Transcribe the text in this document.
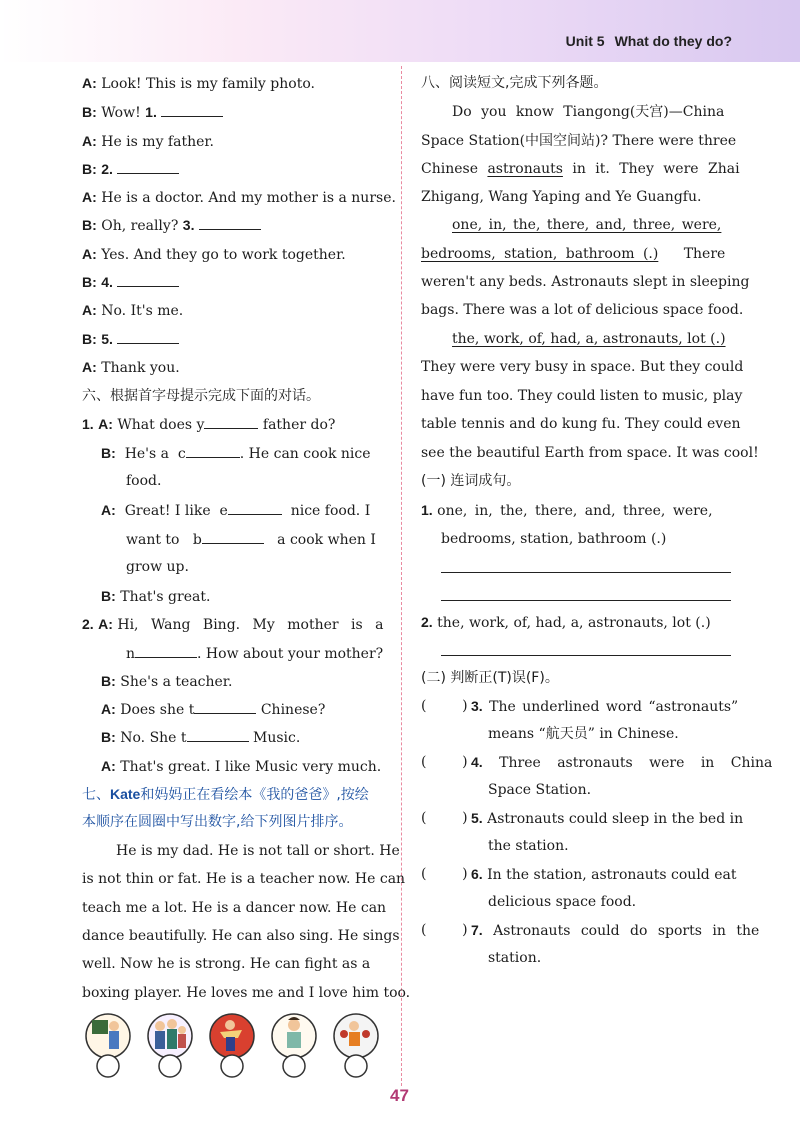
Unit 5 What do they do?
A: Look! This is my family photo.
B: Wow! 1.
A: He is my father.
B: 2.
A: He is a doctor. And my mother is a nurse.
B: Oh, really? 3.
A: Yes. And they go to work together.
B: 4.
A: No. It's me.
B: 5.
A: Thank you.
六、根据首字母提示完成下面的对话。
1. A: What does y	father do?
B: He's a c	. He can cook nice
food.
A: Great! I like e	nice food. I
want to b	a cook when I
grow up.
B: That's great.
2. A: Hi, Wang Bing. My mother is a
n	. How about your mother?
B: She's a teacher.
A: Does she t	Chinese?
B: No. She t	Music.
A: That's great. I like Music very much.
七、Kate和妈妈正在看绘本《我的爸爸》,按绘
本顺序在圆圈中写出数字,给下列图片排序。
He is my dad. He is not tall or short. He
is not thin or fat. He is a teacher now. He can
teach me a lot. He is a dancer now. He can
dance beautifully. He can also sing. He sings
well. Now he is strong. He can fight as a
boxing player. He loves me and I love him too.
八、阅读短文,完成下列各题。
Do you know Tiangong(天宫)—China
Space Station(中国空间站)? There were three
Chinese astronauts in it. They were Zhai
Zhigang, Wang Yaping and Ye Guangfu.
one, in, the, there, and, three, were,
bedrooms, station, bathroom (.) There
weren't any beds. Astronauts slept in sleeping
bags. There was a lot of delicious space food.
the, work, of, had, a, astronauts, lot (.)
They were very busy in space. But they could
have fun too. They could listen to music, play
table tennis and do kung fu. They could even
see the beautiful Earth from space. It was cool!
(一) 连词成句。
1. one, in, the, there, and, three, were,
bedrooms, station, bathroom (.)
2. the, work, of, had, a, astronauts, lot (.)
(二) 判断正(T)误(F)。
(	) 3. The underlined word “astronauts”
means “航天员” in Chinese.
(	) 4. Three astronauts were in China
Space Station.
(	) 5. Astronauts could sleep in the bed in
the station.
(	) 6. In the station, astronauts could eat
delicious space food.
(	) 7. Astronauts could do sports in the
station.
47
